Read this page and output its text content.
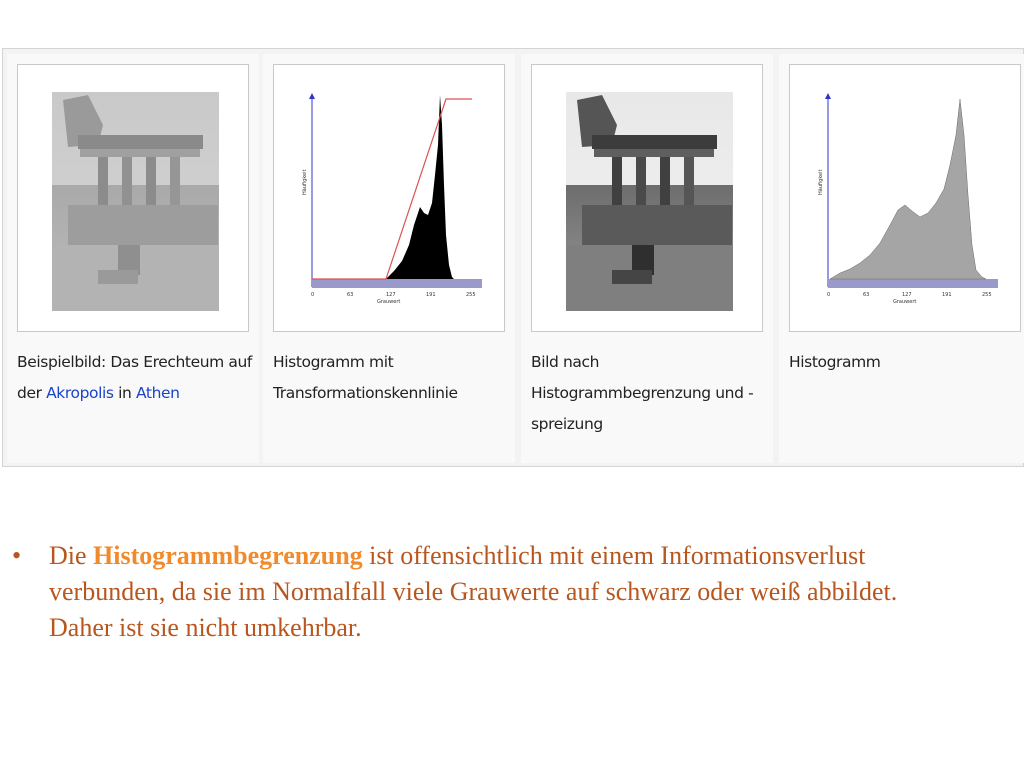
Beispielbild: Das Erechteum auf der Akropolis in Athen
Häufigkeit
0	63	127	191	255
Grauwert
Histogramm mit Transformationskennlinie
Bild nach Histogrammbegrenzung und -spreizung
Häufigkeit
0	63	127	191	255
Grauwert
Histogramm
• Die Histogrammbegrenzung ist offensichtlich mit einem Informationsverlust verbunden, da sie im Normalfall viele Grauwerte auf schwarz oder weiß abbildet. Daher ist sie nicht umkehrbar.
